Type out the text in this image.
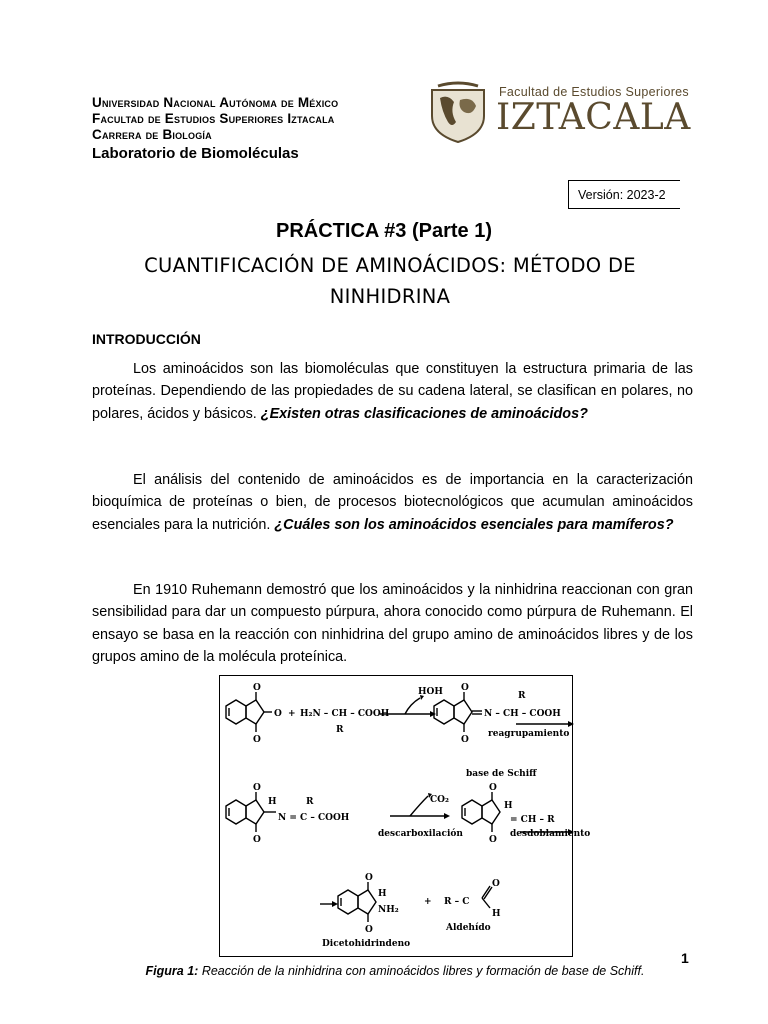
Universidad Nacional Autónoma de México
Facultad de Estudios Superiores Iztacala
Carrera de Biología
Laboratorio de Biomoléculas
Facultad de Estudios Superiores
IZTACALA
Versión: 2023-2
PRÁCTICA #3 (Parte 1)
CUANTIFICACIÓN DE AMINOÁCIDOS: MÉTODO DE NINHIDRINA
INTRODUCCIÓN

Los aminoácidos son las biomoléculas que constituyen la estructura primaria de las proteínas. Dependiendo de las propiedades de su cadena lateral, se clasifican en polares, no polares, ácidos y básicos. ¿Existen otras clasificaciones de aminoácidos?

El análisis del contenido de aminoácidos es de importancia en la caracterización bioquímica de proteínas o bien, de procesos biotecnológicos que acumulan aminoácidos esenciales para la nutrición. ¿Cuáles son los aminoácidos esenciales para mamíferos?

En 1910 Ruhemann demostró que los aminoácidos y la ninhidrina reaccionan con gran sensibilidad para dar un compuesto púrpura, ahora conocido como púrpura de Ruhemann. El ensayo se basa en la reacción con ninhidrina del grupo amino de aminoácidos libres y de los grupos amino de la molécula proteínica.

O
O
O + H₂N – CH – COOH
R
HOH O
O
N – CH – COOH
R
reagrupamiento
base de Schiff
O
O
H	R
N = C – COOH
CO₂
descarboxilación
O
O
H
= CH – R
desdoblamiento
O
O
H
NH₂
+ R – C
O
H
Aldehído
Dicetohidrindeno
Figura 1: Reacción de la ninhidrina con aminoácidos libres y formación de base de Schiff.
1
